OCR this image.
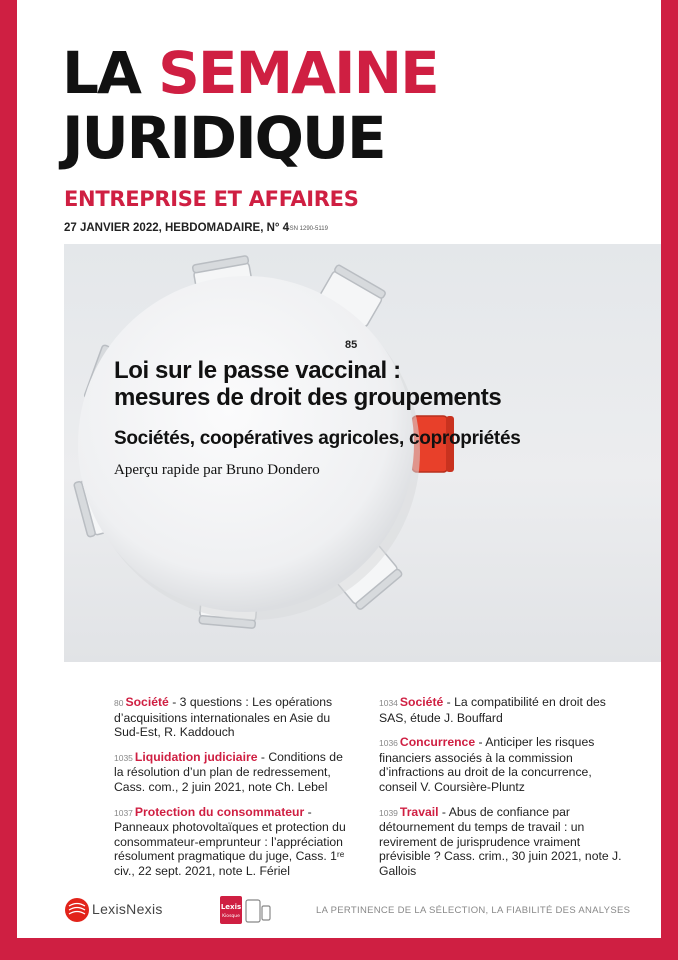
LA SEMAINE
JURIDIQUE
ENTREPRISE ET AFFAIRES
27 JANVIER 2022, HEBDOMADAIRE, N° 4
ISSN 1290-5119
85
Loi sur le passe vaccinal :
mesures de droit des groupements
Sociétés, coopératives agricoles, copropriétés
Aperçu rapide par Bruno Dondero
80 Société - 3 questions : Les opérations d’acquisitions internationales en Asie du Sud-Est, R. Kaddouch
1035 Liquidation judiciaire - Conditions de la résolution d’un plan de redressement, Cass. com., 2 juin 2021, note Ch. Lebel
1037 Protection du consommateur - Panneaux photovoltaïques et protection du consommateur-emprunteur : l’appréciation résolument pragmatique du juge, Cass. 1ʳᵉ civ., 22 sept. 2021, note L. Fériel
1034 Société - La compatibilité en droit des SAS, étude J. Bouffard
1036 Concurrence - Anticiper les risques financiers associés à la commission d’infractions au droit de la concurrence, conseil V. Coursière-Pluntz
1039 Travail - Abus de confiance par détournement du temps de travail : un revirement de jurisprudence vraiment prévisible ? Cass. crim., 30 juin 2021, note J. Gallois
LexisNexis	Lexis
Kiosque
LA PERTINENCE DE LA SÉLECTION, LA FIABILITÉ DES ANALYSES
